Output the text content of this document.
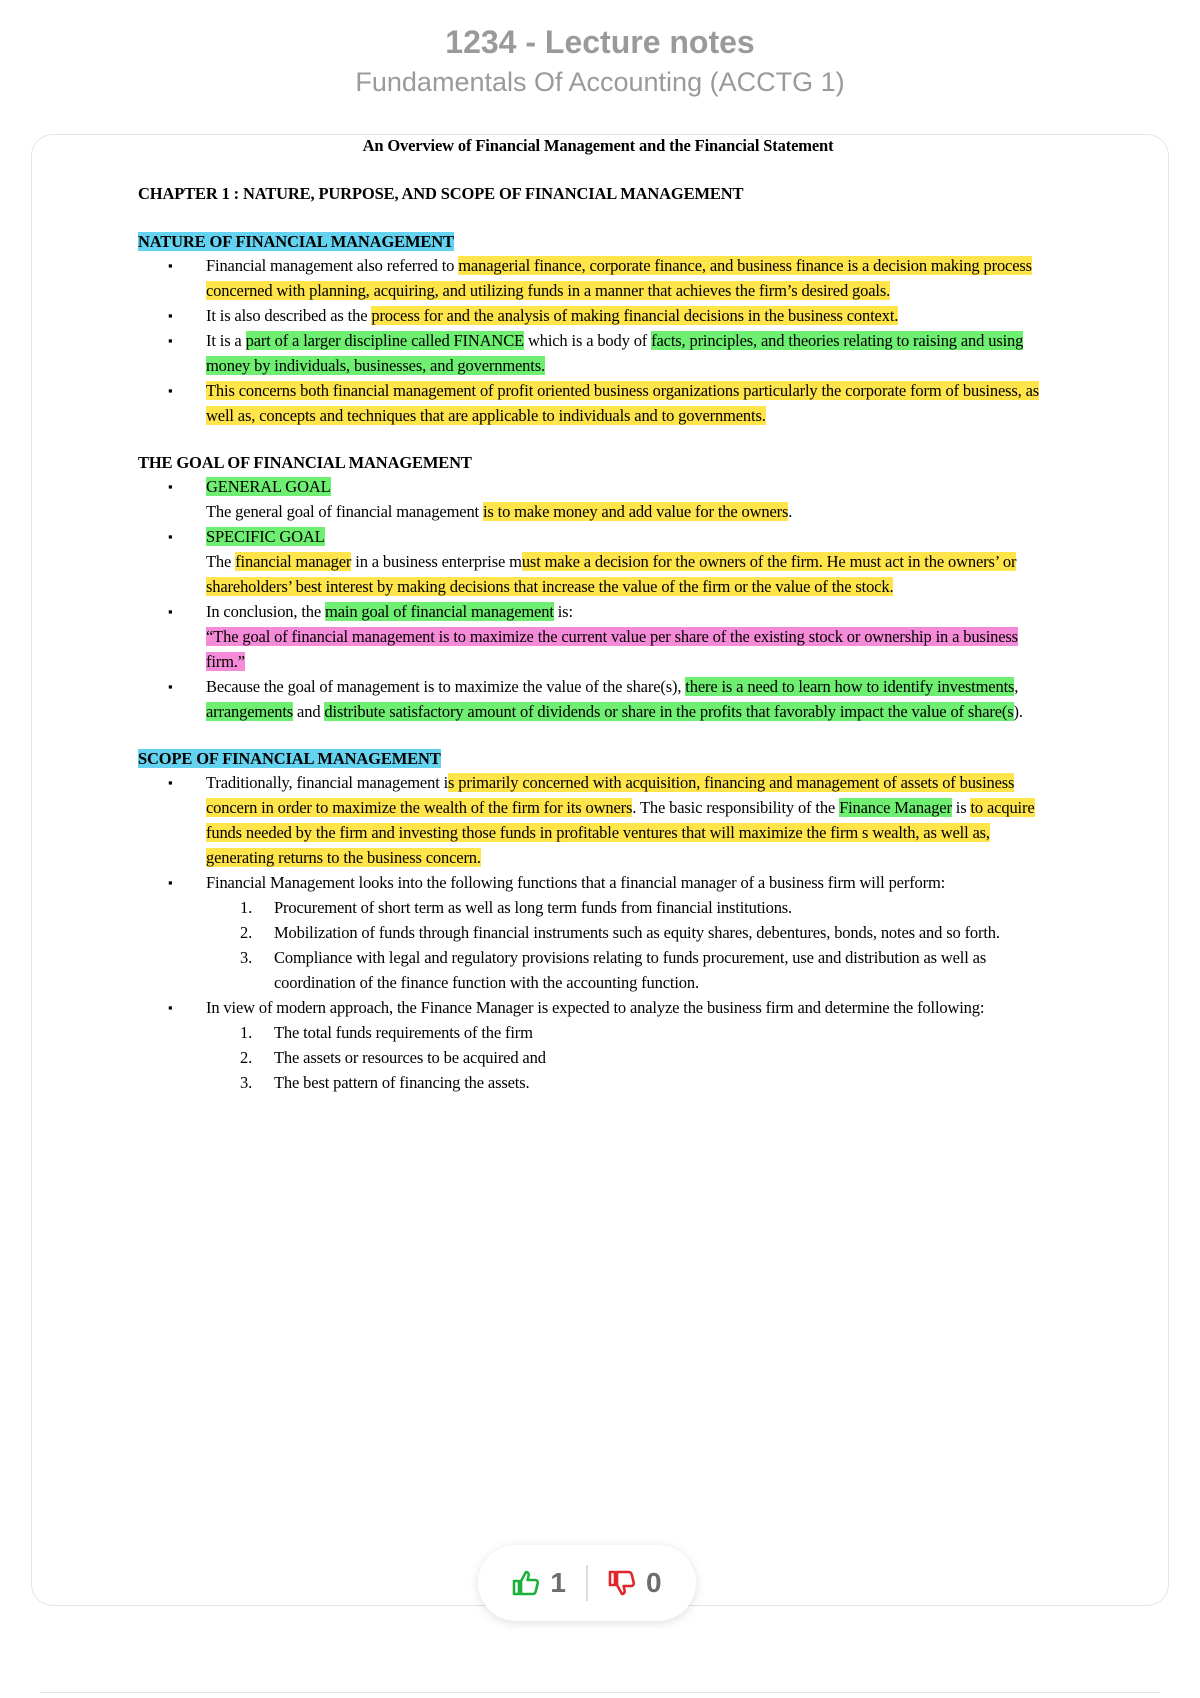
1234 - Lecture notes
Fundamentals Of Accounting (ACCTG 1)

An Overview of Financial Management and the Financial Statement

CHAPTER 1 : NATURE, PURPOSE, AND SCOPE OF FINANCIAL MANAGEMENT

NATURE OF FINANCIAL MANAGEMENT

▪ Financial management also referred to managerial finance, corporate finance, and business finance is a decision making process concerned with planning, acquiring, and utilizing funds in a manner that achieves the firm’s desired goals.
▪ It is also described as the process for and the analysis of making financial decisions in the business context.
▪ It is a part of a larger discipline called FINANCE which is a body of facts, principles, and theories relating to raising and using money by individuals, businesses, and governments.
▪ This concerns both financial management of profit oriented business organizations particularly the corporate form of business, as well as, concepts and techniques that are applicable to individuals and to governments.

THE GOAL OF FINANCIAL MANAGEMENT

▪ GENERAL GOAL
The general goal of financial management is to make money and add value for the owners.
▪ SPECIFIC GOAL
The financial manager in a business enterprise must make a decision for the owners of the firm. He must act in the owners’ or shareholders’ best interest by making decisions that increase the value of the firm or the value of the stock.
▪ In conclusion, the main goal of financial management is:
“The goal of financial management is to maximize the current value per share of the existing stock or ownership in a business firm.”
▪ Because the goal of management is to maximize the value of the share(s), there is a need to learn how to identify investments, arrangements and distribute satisfactory amount of dividends or share in the profits that favorably impact the value of share(s).

SCOPE OF FINANCIAL MANAGEMENT

▪ Traditionally, financial management is primarily concerned with acquisition, financing and management of assets of business concern in order to maximize the wealth of the firm for its owners. The basic responsibility of the Finance Manager is to acquire funds needed by the firm and investing those funds in profitable ventures that will maximize the firm s wealth, as well as, generating returns to the business concern.
▪ Financial Management looks into the following functions that a financial manager of a business firm will perform:
1. Procurement of short term as well as long term funds from financial institutions.
2. Mobilization of funds through financial instruments such as equity shares, debentures, bonds, notes and so forth.
3. Compliance with legal and regulatory provisions relating to funds procurement, use and distribution as well as coordination of the finance function with the accounting function.
▪ In view of modern approach, the Finance Manager is expected to analyze the business firm and determine the following:
1. The total funds requirements of the firm
2. The assets or resources to be acquired and
3. The best pattern of financing the assets.
1	0
